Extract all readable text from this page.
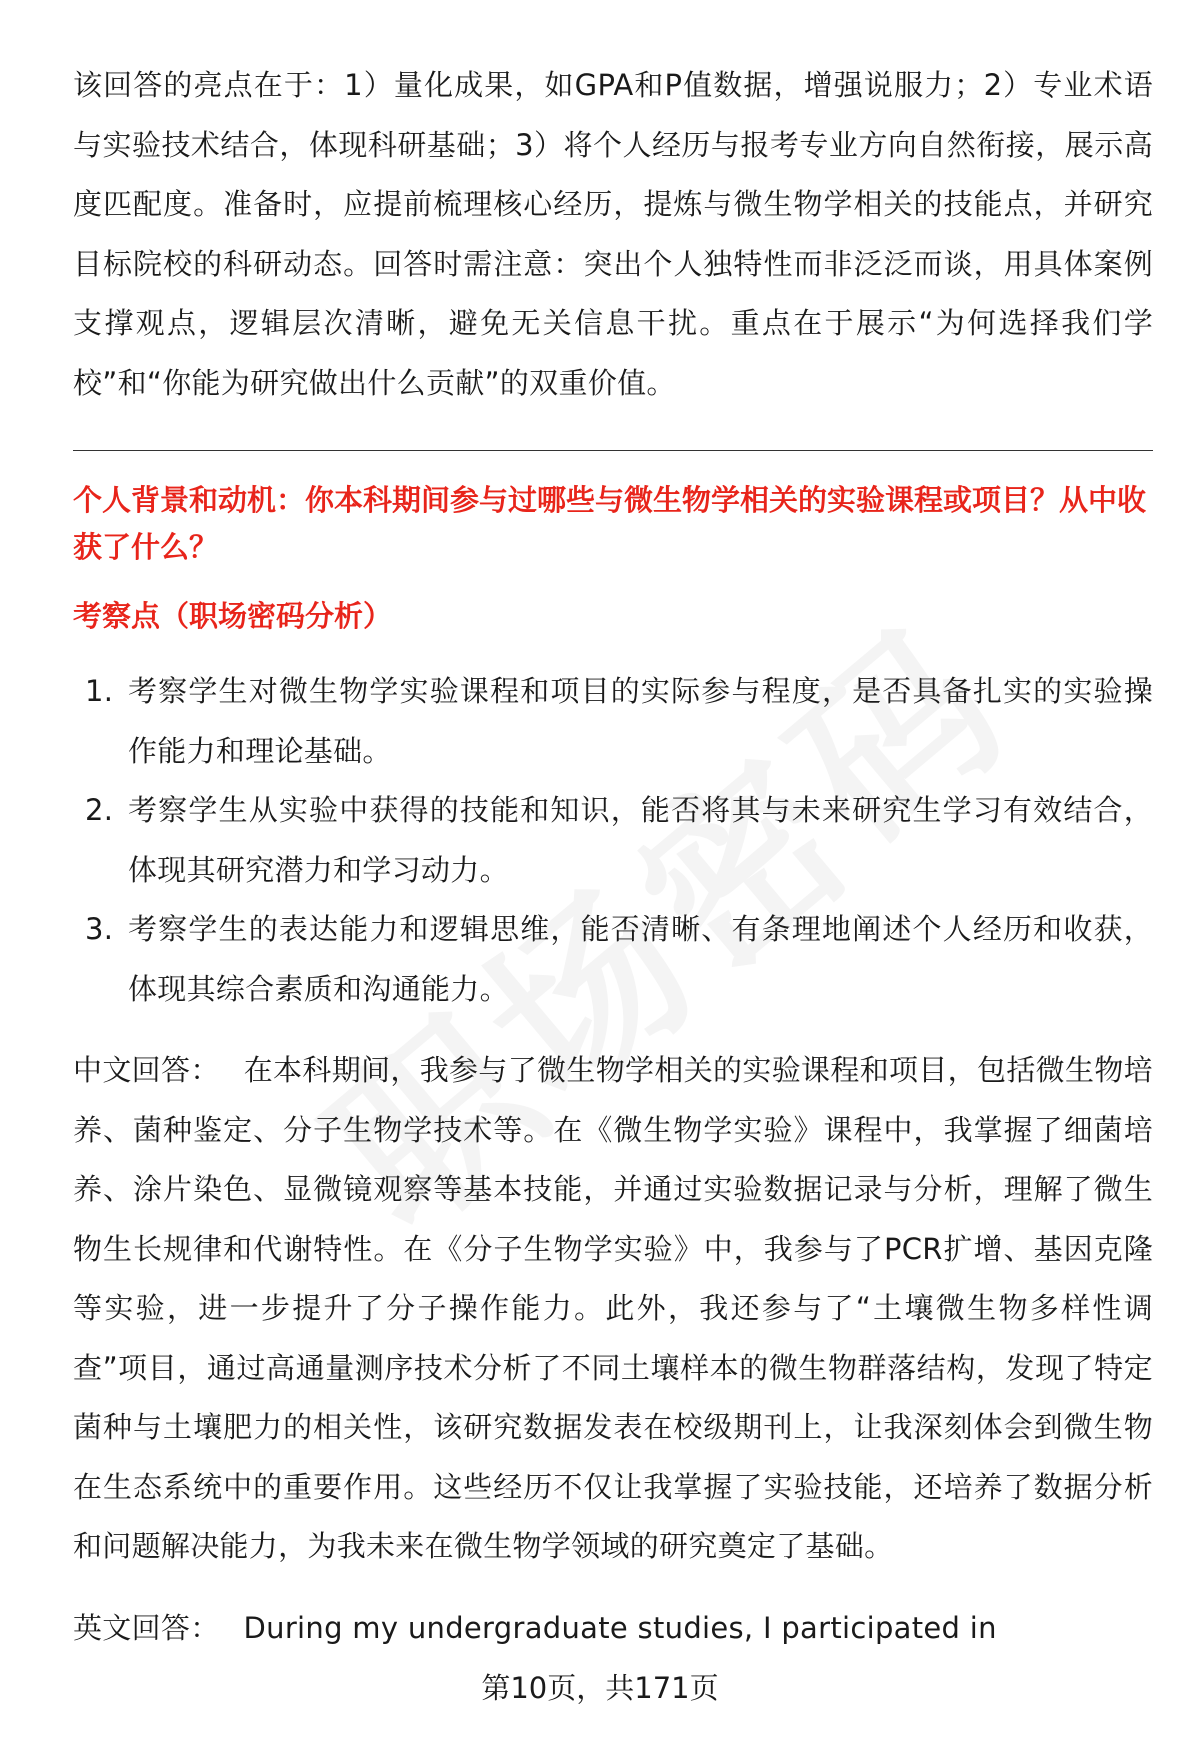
该回答的亮点在于：1）量化成果，如GPA和P值数据，增强说服力；2）专业术语与实验技术结合，体现科研基础；3）将个人经历与报考专业方向自然衔接，展示高度匹配度。准备时，应提前梳理核心经历，提炼与微生物学相关的技能点，并研究目标院校的科研动态。回答时需注意：突出个人独特性而非泛泛而谈，用具体案例支撑观点，逻辑层次清晰，避免无关信息干扰。重点在于展示“为何选择我们学校”和“你能为研究做出什么贡献”的双重价值。

个人背景和动机：你本科期间参与过哪些与微生物学相关的实验课程或项目？从中收获了什么？
考察点（职场密码分析）
1. 考察学生对微生物学实验课程和项目的实际参与程度，是否具备扎实的实验操作能力和理论基础。
2. 考察学生从实验中获得的技能和知识，能否将其与未来研究生学习有效结合，体现其研究潜力和学习动力。
3. 考察学生的表达能力和逻辑思维，能否清晰、有条理地阐述个人经历和收获，体现其综合素质和沟通能力。

中文回答： 在本科期间，我参与了微生物学相关的实验课程和项目，包括微生物培养、菌种鉴定、分子生物学技术等。在《微生物学实验》课程中，我掌握了细菌培养、涂片染色、显微镜观察等基本技能，并通过实验数据记录与分析，理解了微生物生长规律和代谢特性。在《分子生物学实验》中，我参与了PCR扩增、基因克隆等实验，进一步提升了分子操作能力。此外，我还参与了“土壤微生物多样性调查”项目，通过高通量测序技术分析了不同土壤样本的微生物群落结构，发现了特定菌种与土壤肥力的相关性，该研究数据发表在校级期刊上，让我深刻体会到微生物在生态系统中的重要作用。这些经历不仅让我掌握了实验技能，还培养了数据分析和问题解决能力，为我未来在微生物学领域的研究奠定了基础。

英文回答： During my undergraduate studies, I participated in

第10页，共171页
